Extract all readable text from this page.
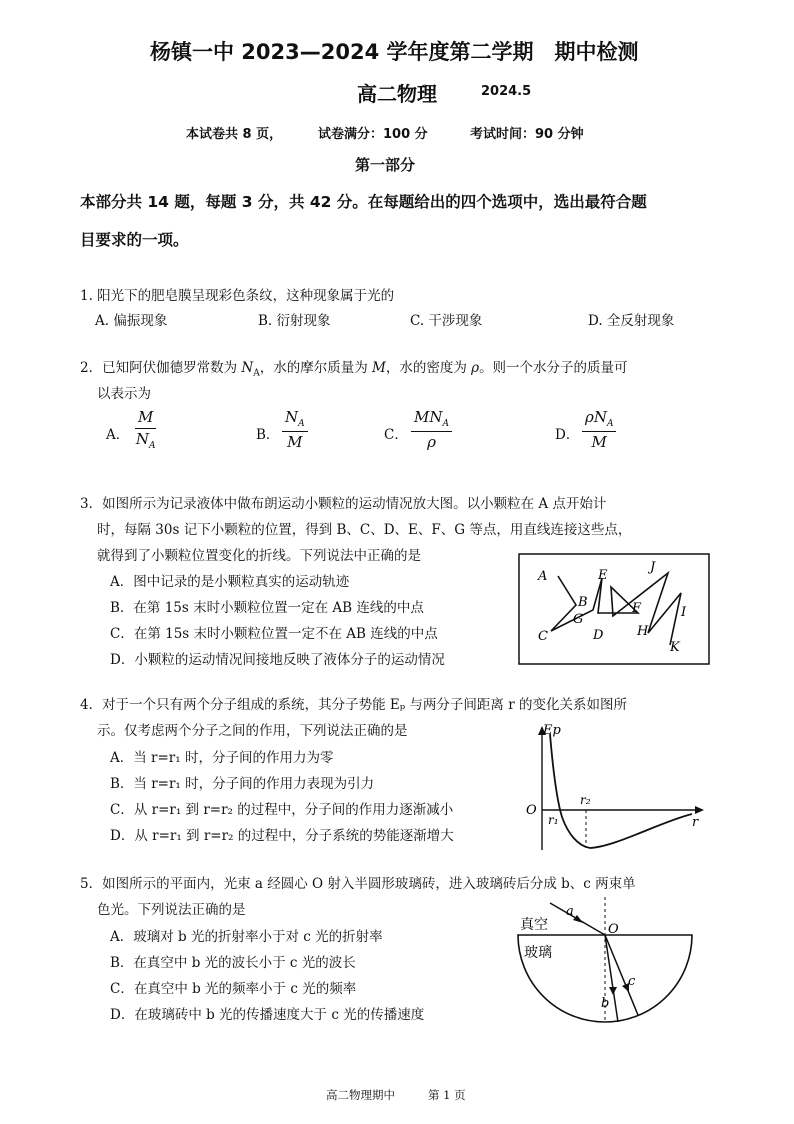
杨镇一中 2023—2024 学年度第二学期　期中检测
高二物理	2024.5
本试卷共 8 页，	试卷满分：100 分	考试时间：90 分钟
第一部分
本部分共 14 题，每题 3 分，共 42 分。在每题给出的四个选项中，选出最符合题
目要求的一项。
1. 阳光下的肥皂膜呈现彩色条纹，这种现象属于光的
A. 偏振现象	B. 衍射现象	C. 干涉现象	D. 全反射现象
2．已知阿伏伽德罗常数为 $N_A$，水的摩尔质量为 M，水的密度为 ρ。则一个水分子的质量可
以表示为
A． $\frac{M}{N_A}$	B． $\frac{N_A}{M}$	C．
$MN_A$
ρ	D．
$\rho N_A$
M
3．如图所示为记录液体中做布朗运动小颗粒的运动情况放大图。以小颗粒在 A 点开始计
时，每隔 30s 记下小颗粒的位置，得到 B、C、D、E、F、G 等点，用直线连接这些点，
就得到了小颗粒位置变化的折线。下列说法中正确的是
A．图中记录的是小颗粒真实的运动轨迹
B．在第 15s 末时小颗粒位置一定在 AB 连线的中点
C．在第 15s 末时小颗粒位置一定不在 AB 连线的中点
D．小颗粒的运动情况间接地反映了液体分子的运动情况
A
B
C	D
E
F
G
H
I
J
K
4．对于一个只有两个分子组成的系统，其分子势能 Eₚ 与两分子间距离 r 的变化关系如图所
示。仅考虑两个分子之间的作用，下列说法正确的是
A．当 r=r₁ 时，分子间的作用力为零
B．当 r=r₁ 时，分子间的作用力表现为引力
C．从 r=r₁ 到 r=r₂ 的过程中，分子间的作用力逐渐减小
D．从 r=r₁ 到 r=r₂ 的过程中，分子系统的势能逐渐增大
Ep
O
r
r₁
r₂
5．如图所示的平面内，光束 a 经圆心 O 射入半圆形玻璃砖，进入玻璃砖后分成 b、c 两束单
色光。下列说法正确的是
A．玻璃对 b 光的折射率小于对 c 光的折射率
B．在真空中 b 光的波长小于 c 光的波长
C．在真空中 b 光的频率小于 c 光的频率
D．在玻璃砖中 b 光的传播速度大于 c 光的传播速度
真空
玻璃
a
O
b
c
高二物理期中	第 1 页
